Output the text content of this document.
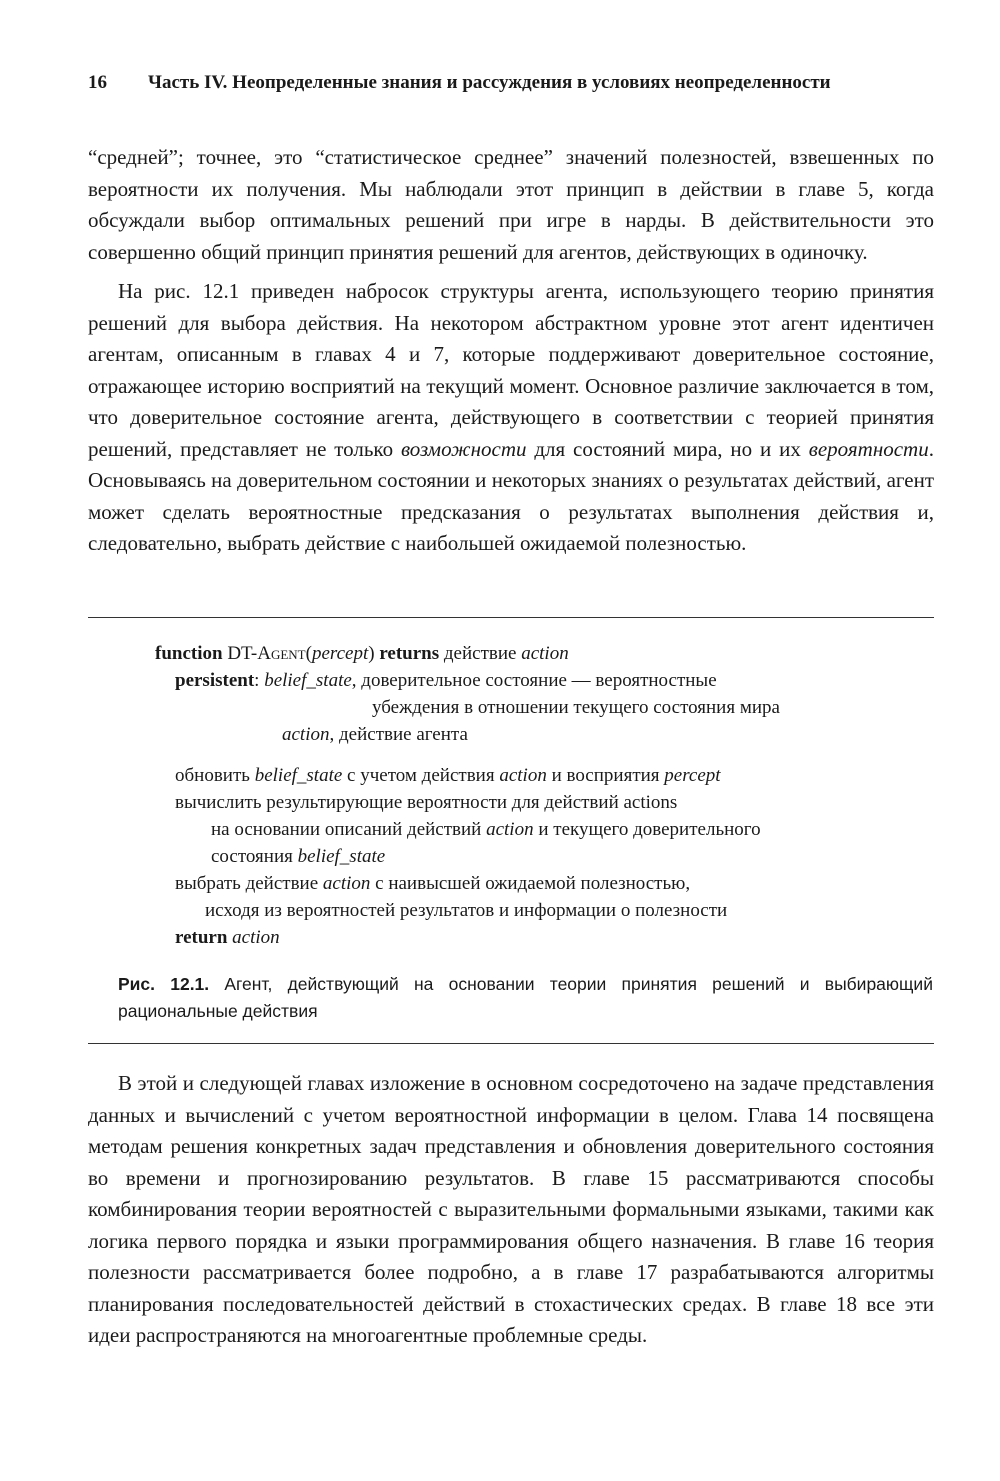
16 Часть IV. Неопределенные знания и рассуждения в условиях неопределенности

“средней”; точнее, это “статистическое среднее” значений полезностей, взвешенных по вероятности их получения. Мы наблюдали этот принцип в действии в главе 5, когда обсуждали выбор оптимальных решений при игре в нарды. В действительности это совершенно общий принцип принятия решений для агентов, действующих в одиночку.

На рис. 12.1 приведен набросок структуры агента, использующего теорию принятия решений для выбора действия. На некотором абстрактном уровне этот агент идентичен агентам, описанным в главах 4 и 7, которые поддерживают доверительное состояние, отражающее историю восприятий на текущий момент. Основное различие заключается в том, что доверительное состояние агента, действующего в соответствии с теорией принятия решений, представляет не только возможности для состояний мира, но и их вероятности. Основываясь на доверительном состоянии и некоторых знаниях о результатах действий, агент может сделать вероятностные предсказания о результатах выполнения действия и, следовательно, выбрать действие с наибольшей ожидаемой полезностью.

function DT-Agent(percept) returns действие action
persistent: belief_state, доверительное состояние — вероятностные
убеждения в отношении текущего состояния мира
action, действие агента
обновить belief_state с учетом действия action и восприятия percept
вычислить результирующие вероятности для действий actions
на основании описаний действий action и текущего доверительного
состояния belief_state
выбрать действие action с наивысшей ожидаемой полезностью,
исходя из вероятностей результатов и информации о полезности
return action
Рис. 12.1. Агент, действующий на основании теории принятия решений и выбирающий рациональные действия

В этой и следующей главах изложение в основном сосредоточено на задаче представления данных и вычислений с учетом вероятностной информации в целом. Глава 14 посвящена методам решения конкретных задач представления и обновления доверительного состояния во времени и прогнозированию результатов. В главе 15 рассматриваются способы комбинирования теории вероятностей с выразительными формальными языками, такими как логика первого порядка и языки программирования общего назначения. В главе 16 теория полезности рассматривается более подробно, а в главе 17 разрабатываются алгоритмы планирования последовательностей действий в стохастических средах. В главе 18 все эти идеи распространяются на многоагентные проблемные среды.
